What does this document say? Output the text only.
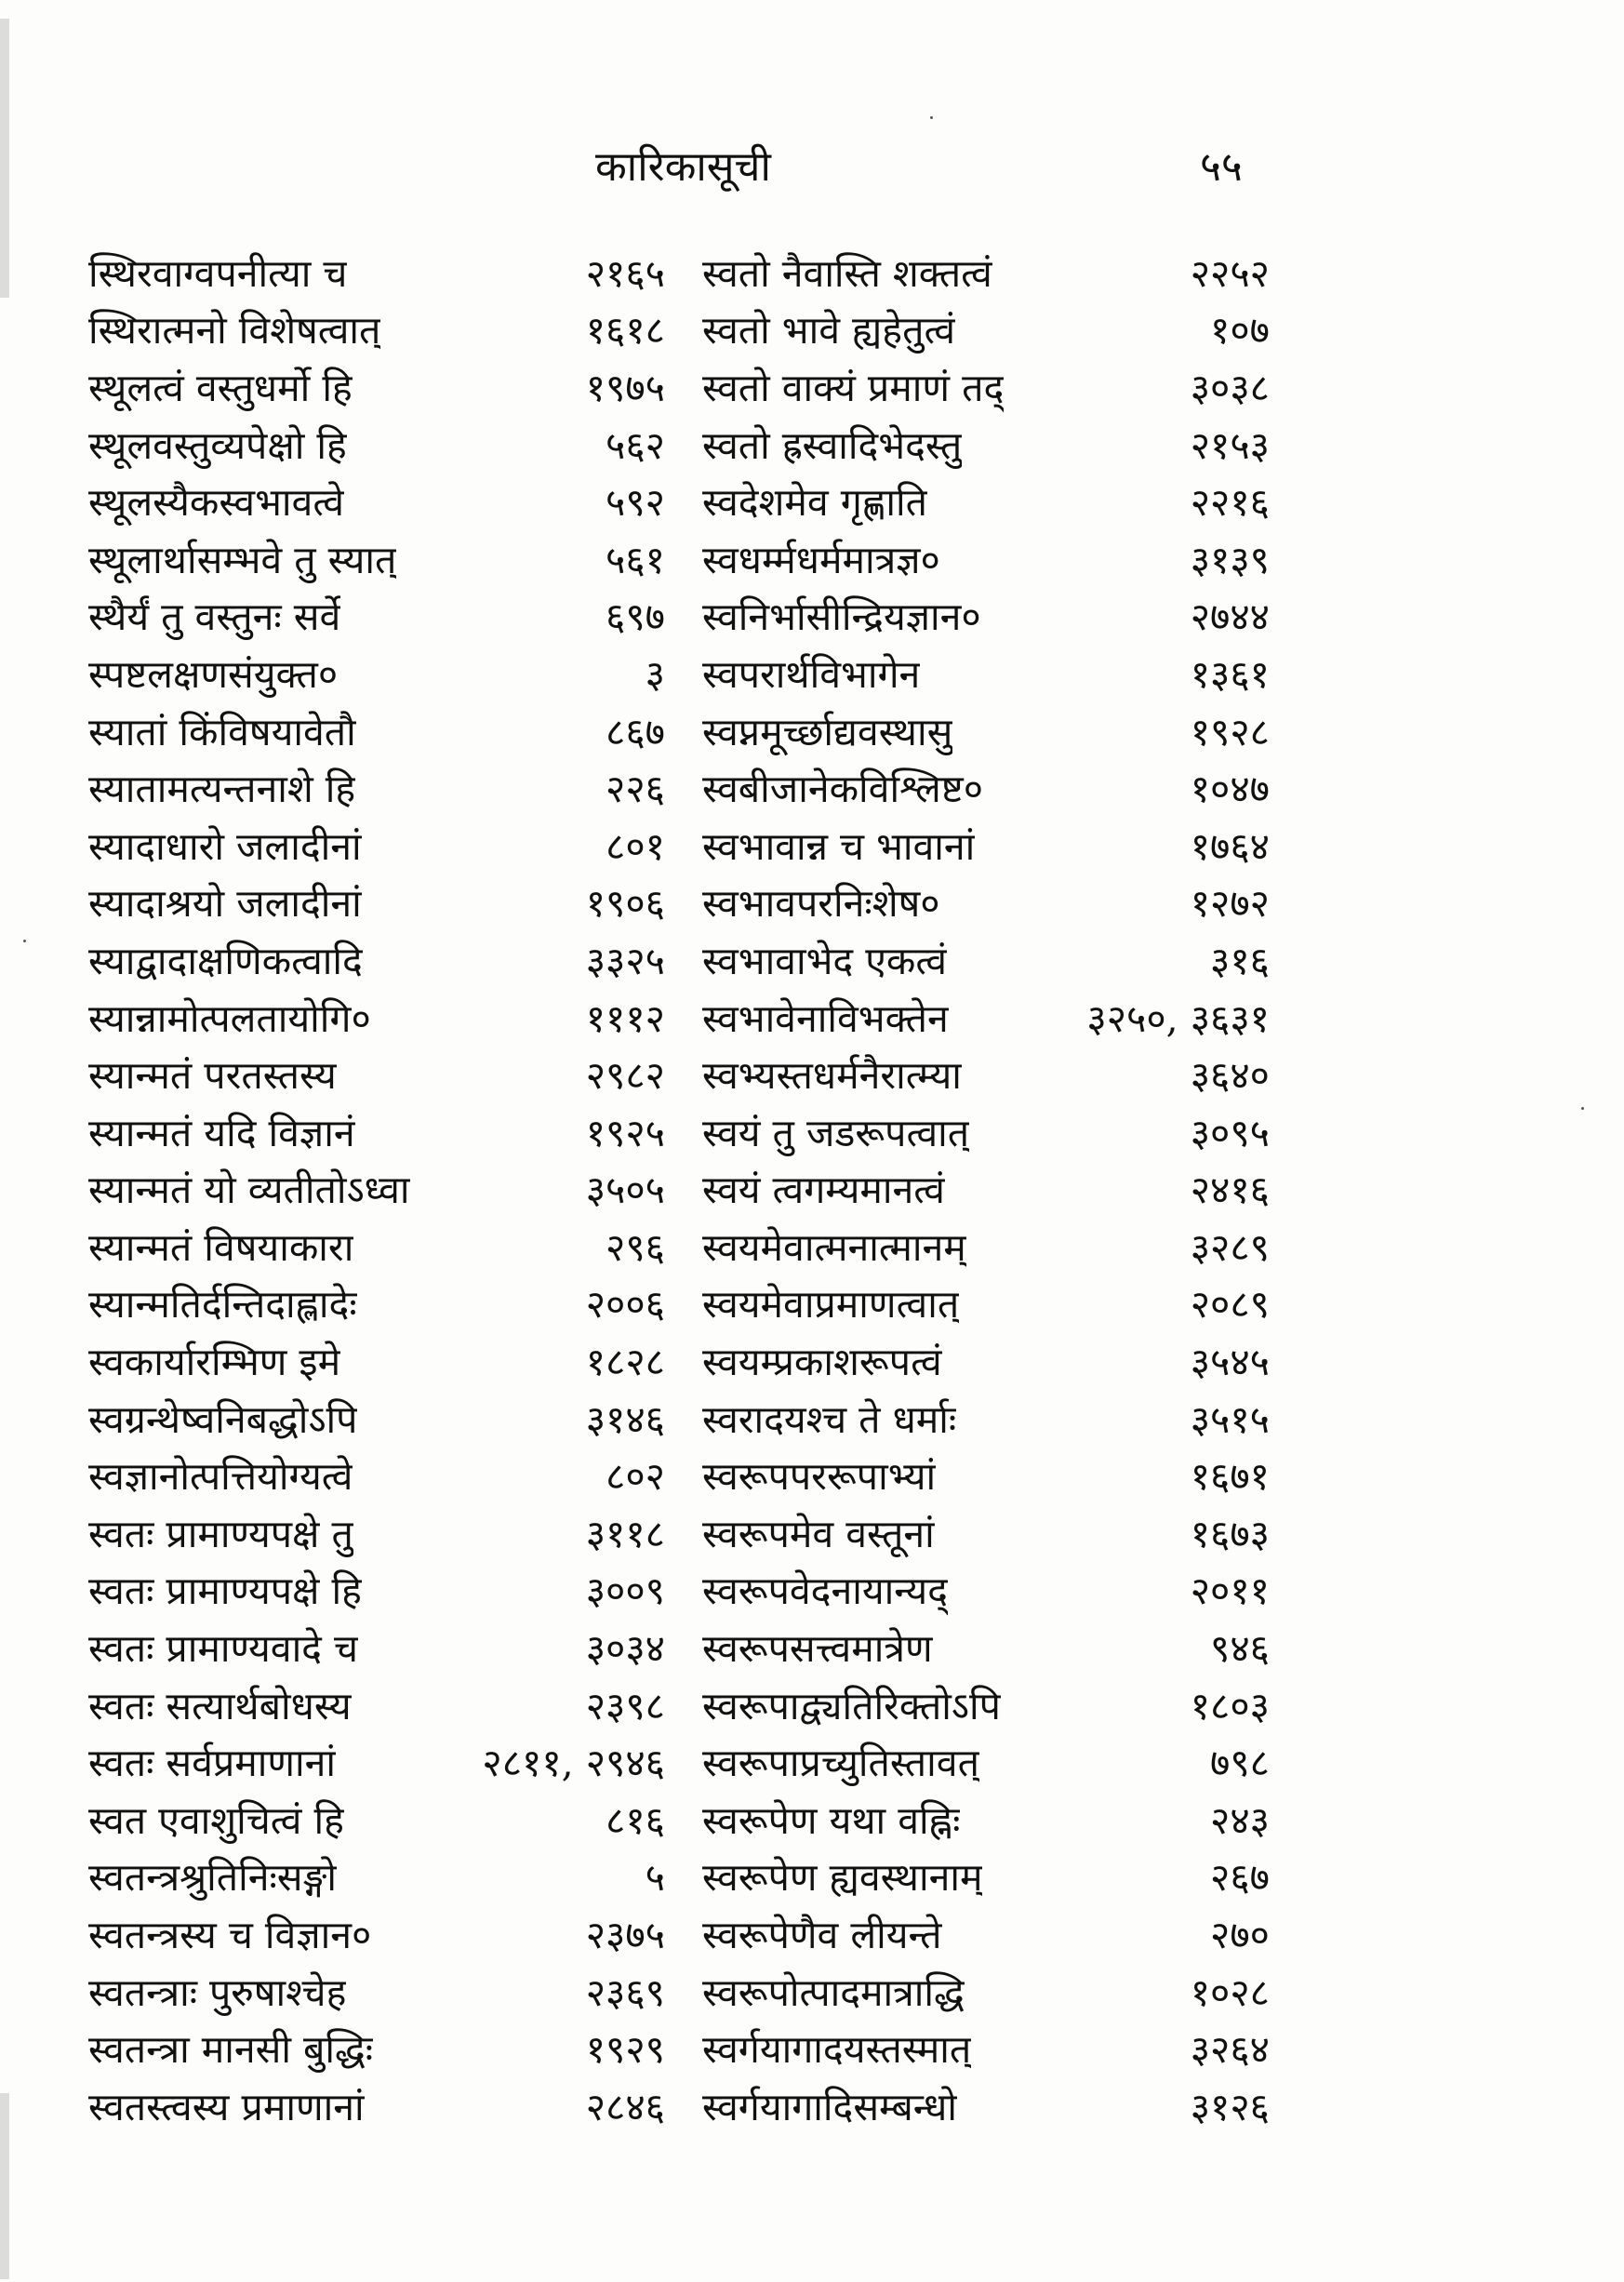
कारिकासूची	५५
स्थिरवाग्वपनीत्या च	२१६५
स्थिरात्मनो विशेषत्वात्	१६१८
स्थूलत्वं वस्तुधर्मो हि	१९७५
स्थूलवस्तुव्यपेक्षो हि	५६२
स्थूलस्यैकस्वभावत्वे	५९२
स्थूलार्थासम्भवे तु स्यात्	५६१
स्थैर्यं तु वस्तुनः सर्वे	६९७
स्पष्टलक्षणसंयुक्त०	३
स्यातां किंविषयावेतौ	८६७
स्यातामत्यन्तनाशे हि	२२६
स्यादाधारो जलादीनां	८०१
स्यादाश्रयो जलादीनां	१९०६
स्याद्वादाक्षणिकत्वादि	३३२५
स्यान्नामोत्पलतायोगि०	१११२
स्यान्मतं परतस्तस्य	२९८२
स्यान्मतं यदि विज्ञानं	१९२५
स्यान्मतं यो व्यतीतोऽध्वा	३५०५
स्यान्मतं विषयाकारा	२९६
स्यान्मतिर्दन्तिदाह्लादेः	२००६
स्वकार्यारम्भिण इमे	१८२८
स्वग्रन्थेष्वनिबद्धोऽपि	३१४६
स्वज्ञानोत्पत्तियोग्यत्वे	८०२
स्वतः प्रामाण्यपक्षे तु	३११८
स्वतः प्रामाण्यपक्षे हि	३००९
स्वतः प्रामाण्यवादे च	३०३४
स्वतः सत्यार्थबोधस्य	२३९८
स्वतः सर्वप्रमाणानां	२८११, २९४६
स्वत एवाशुचित्वं हि	८१६
स्वतन्त्रश्रुतिनिःसङ्गो	५
स्वतन्त्रस्य च विज्ञान०	२३७५
स्वतन्त्राः पुरुषाश्चेह	२३६९
स्वतन्त्रा मानसी बुद्धिः	१९२९
स्वतस्त्वस्य प्रमाणानां	२८४६
स्वतो नैवास्ति शक्तत्वं	२२५२
स्वतो भावे ह्यहेतुत्वं	१०७
स्वतो वाक्यं प्रमाणं तद्	३०३८
स्वतो ह्रस्वादिभेदस्तु	२१५३
स्वदेशमेव गृह्णाति	२२१६
स्वधर्म्मधर्ममात्रज्ञ०	३१३९
स्वनिर्भासीन्द्रियज्ञान०	२७४४
स्वपरार्थविभागेन	१३६१
स्वप्नमूर्च्छाद्यवस्थासु	१९२८
स्वबीजानेकविश्लिष्ट०	१०४७
स्वभावान्न च भावानां	१७६४
स्वभावपरनिःशेष०	१२७२
स्वभावाभेद एकत्वं	३१६
स्वभावेनाविभक्तेन	३२५०, ३६३१
स्वभ्यस्तधर्मनैरात्म्या	३६४०
स्वयं तु जडरूपत्वात्	३०९५
स्वयं त्वगम्यमानत्वं	२४१६
स्वयमेवात्मनात्मानम्	३२८९
स्वयमेवाप्रमाणत्वात्	२०८९
स्वयम्प्रकाशरूपत्वं	३५४५
स्वरादयश्च ते धर्माः	३५१५
स्वरूपपररूपाभ्यां	१६७१
स्वरूपमेव वस्तूनां	१६७३
स्वरूपवेदनायान्यद्	२०११
स्वरूपसत्त्वमात्रेण	९४६
स्वरूपाद्व्यतिरिक्तोऽपि	१८०३
स्वरूपाप्रच्युतिस्तावत्	७९८
स्वरूपेण यथा वह्निः	२४३
स्वरूपेण ह्यवस्थानाम्	२६७
स्वरूपेणैव लीयन्ते	२७०
स्वरूपोत्पादमात्राद्धि	१०२८
स्वर्गयागादयस्तस्मात्	३२६४
स्वर्गयागादिसम्बन्धो	३१२६
